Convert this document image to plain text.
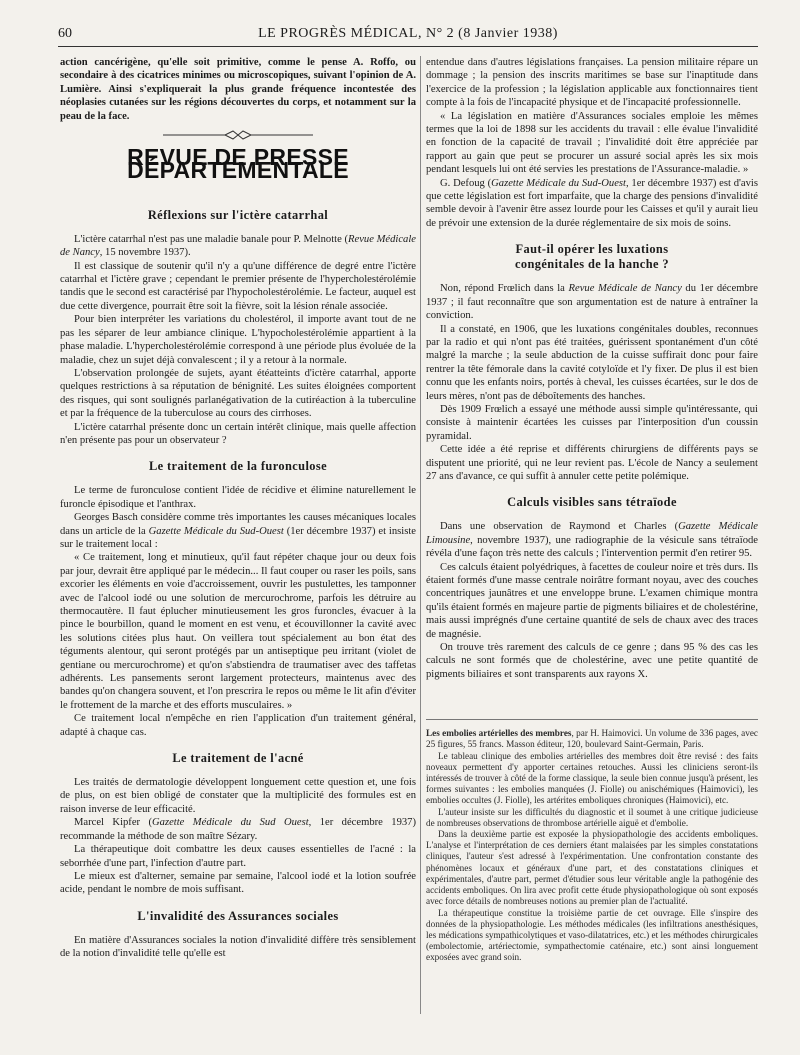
60	LE PROGRÈS MÉDICAL, N° 2 (8 Janvier 1938)

action cancérigène, qu'elle soit primitive, comme le pense A. Roffo, ou secondaire à des cicatrices minimes ou microscopiques, suivant l'opinion de A. Lumière. Ainsi s'expliquerait la plus grande fréquence incontestée des néoplasies cutanées sur les régions découvertes du corps, et notamment sur la peau de la face.

REVUE DE PRESSE DÉPARTEMENTALE
Réflexions sur l'ictère catarrhal

L'ictère catarrhal n'est pas une maladie banale pour P. Melnotte (Revue Médicale de Nancy, 15 novembre 1937).

Il est classique de soutenir qu'il n'y a qu'une différence de degré entre l'ictère catarrhal et l'ictère grave ; cependant le premier présente de l'hypercholestérolémie tandis que le second est caractérisé par l'hypocholestérolémie. Le facteur, auquel est due cette divergence, pourrait être soit la fièvre, soit la lésion rénale associée.

Pour bien interpréter les variations du cholestérol, il importe avant tout de ne pas les séparer de leur ambiance clinique. L'hypocholestérolémie appartient à la phase maladie. L'hypercholestérolémie correspond à une période plus évoluée de la maladie, chez un sujet déjà convalescent ; il y a retour à la normale.

L'observation prolongée de sujets, ayant étéatteints d'ictère catarrhal, apporte quelques restrictions à sa réputation de bénignité. Les suites éloignées comportent des risques, qui sont soulignés parlanégativation de la cutiréaction à la tuberculine et par la fréquence de la tuberculose au cours des cirrhoses.

L'ictère catarrhal présente donc un certain intérêt clinique, mais quelle affection n'en présente pas pour un observateur ?

Le traitement de la furonculose

Le terme de furonculose contient l'idée de récidive et élimine naturellement le furoncle épisodique et l'anthrax.

Georges Basch considère comme très importantes les causes mécaniques locales dans un article de la Gazette Médicale du Sud-Ouest (1er décembre 1937) et insiste sur le traitement local :

« Ce traitement, long et minutieux, qu'il faut répéter chaque jour ou deux fois par jour, devrait être appliqué par le médecin... Il faut couper ou raser les poils, sans excorier les éléments en voie d'accroissement, ouvrir les pustulettes, les tamponner avec de l'alcool iodé ou une solution de mercurochrome, parfois les détruire au thermocautère. Il faut éplucher minutieusement les gros furoncles, évacuer à la pince le bourbillon, quand le moment en est venu, et écouvillonner la cavité avec les solutions citées plus haut. On veillera tout spécialement au bon état des téguments alentour, qui seront protégés par un antiseptique peu irritant (violet de gentiane ou mercurochrome) et qu'on s'abstiendra de traumatiser avec des taffetas adhérents. Les pansements seront largement protecteurs, maintenus avec des bandes qu'on changera souvent, et l'on prescrira le repos ou même le lit afin d'éviter le frottement de la marche et des efforts musculaires. »

Ce traitement local n'empêche en rien l'application d'un traitement général, adapté à chaque cas.

Le traitement de l'acné

Les traités de dermatologie développent longuement cette question et, une fois de plus, on est bien obligé de constater que la multiplicité des formules est en raison inverse de leur efficacité.

Marcel Kipfer (Gazette Médicale du Sud Ouest, 1er décembre 1937) recommande la méthode de son maître Sézary.

La thérapeutique doit combattre les deux causes essentielles de l'acné : la seborrhée d'une part, l'infection d'autre part.

Le mieux est d'alterner, semaine par semaine, l'alcool iodé et la lotion soufrée acide, pendant le nombre de mois suffisant.

L'invalidité des Assurances sociales

En matière d'Assurances sociales la notion d'invalidité diffère très sensiblement de la notion d'invalidité telle qu'elle est

entendue dans d'autres législations françaises. La pension militaire répare un dommage ; la pension des inscrits maritimes se base sur l'inaptitude dans l'exercice de la profession ; la législation applicable aux fonctionnaires tient compte à la fois de l'incapacité physique et de l'incapacité professionnelle.

« La législation en matière d'Assurances sociales emploie les mêmes termes que la loi de 1898 sur les accidents du travail : elle évalue l'invalidité en fonction de la capacité de travail ; l'invalidité doit être appréciée par rapport au gain que peut se procurer un assuré social après les six mois pendant lesquels lui ont été servies les prestations de l'Assurance-maladie. »

G. Defoug (Gazette Médicale du Sud-Ouest, 1er décembre 1937) est d'avis que cette législation est fort imparfaite, que la charge des pensions d'invalidité semble devoir à l'avenir être assez lourde pour les Caisses et qu'il y aurait lieu de prévoir une extension de la durée réglementaire de six mois de soins.

Faut-il opérer les luxations
congénitales de la hanche ?

Non, répond Frœlich dans la Revue Médicale de Nancy du 1er décembre 1937 ; il faut reconnaître que son argumentation est de nature à entraîner la conviction.

Il a constaté, en 1906, que les luxations congénitales doubles, reconnues par la radio et qui n'ont pas été traitées, guérissent spontanément d'un côté malgré la marche ; la seule abduction de la cuisse suffirait donc pour faire rentrer la tête fémorale dans la cavité cotyloïde et l'y fixer. De plus il est bien connu que les enfants noirs, portés à cheval, les cuisses écartées, sur le dos de leurs mères, n'ont pas de déboîtements des hanches.

Dès 1909 Frœlich a essayé une méthode aussi simple qu'intéressante, qui consiste à maintenir écartées les cuisses par l'interposition d'un coussin pyramidal.

Cette idée a été reprise et différents chirurgiens de différents pays se disputent une priorité, qui ne leur revient pas. L'école de Nancy a seulement 27 ans d'avance, ce qui suffit à annuler cette petite polémique.

Calculs visibles sans tétraïode

Dans une observation de Raymond et Charles (Gazette Médicale Limousine, novembre 1937), une radiographie de la vésicule sans tétraïode révéla d'une façon très nette des calculs ; l'intervention permit d'en retirer 95.

Ces calculs étaient polyédriques, à facettes de couleur noire et très durs. Ils étaient formés d'une masse centrale noirâtre formant noyau, avec des couches concentriques jaunâtres et une enveloppe brune. L'examen chimique montra qu'ils étaient formés en majeure partie de pigments biliaires et de cholestérine, mais aussi imprégnés d'une certaine quantité de sels de chaux avec des traces de magnésie.

On trouve très rarement des calculs de ce genre ; dans 95 % des cas les calculs ne sont formés que de cholestérine, avec une petite quantité de pigments biliaires et sont transparents aux rayons X.

Les embolies artérielles des membres, par H. Haimovici. Un volume de 336 pages, avec 25 figures, 55 francs. Masson éditeur, 120, boulevard Saint-Germain, Paris.

Le tableau clinique des embolies artérielles des membres doit être revisé : des faits noveaux permettent d'y apporter certaines retouches. Aussi les cliniciens seront-ils intéressés de trouver à côté de la forme classique, la seule bien connue jusqu'à présent, les formes suivantes : les embolies manquées (J. Fiolle) ou anischémiques (Haimovici), les embolies occultes (J. Fiolle), les artérites emboliques chroniques (Haimovici), etc.

L'auteur insiste sur les difficultés du diagnostic et il soumet à une critique judicieuse de nombreuses observations de thrombose artérielle aiguë et d'embolie.

Dans la deuxième partie est exposée la physiopathologie des accidents emboliques. L'analyse et l'interprétation de ces derniers étant malaisées par les simples constatations cliniques, l'auteur s'est adressé à l'expérimentation. Une confrontation constante des phénomènes locaux et généraux d'une part, et des constatations cliniques et expérimentales, d'autre part, permet d'étudier sous leur véritable angle la pathogénie des accidents emboliques. On lira avec profit cette étude physiopathologique où sont exposés avec force détails de nombreuses notions au premier plan de l'actualité.

La thérapeutique constitue la troisième partie de cet ouvrage. Elle s'inspire des données de la physiopathologie. Les méthodes médicales (les infiltrations anesthésiques, les médications sympathicolytiques et vaso-dilatatrices, etc.) et les méthodes chirurgicales (embolectomie, artériectomie, sympathectomie caténaire, etc.) sont ainsi longuement exposées avec grand soin.
